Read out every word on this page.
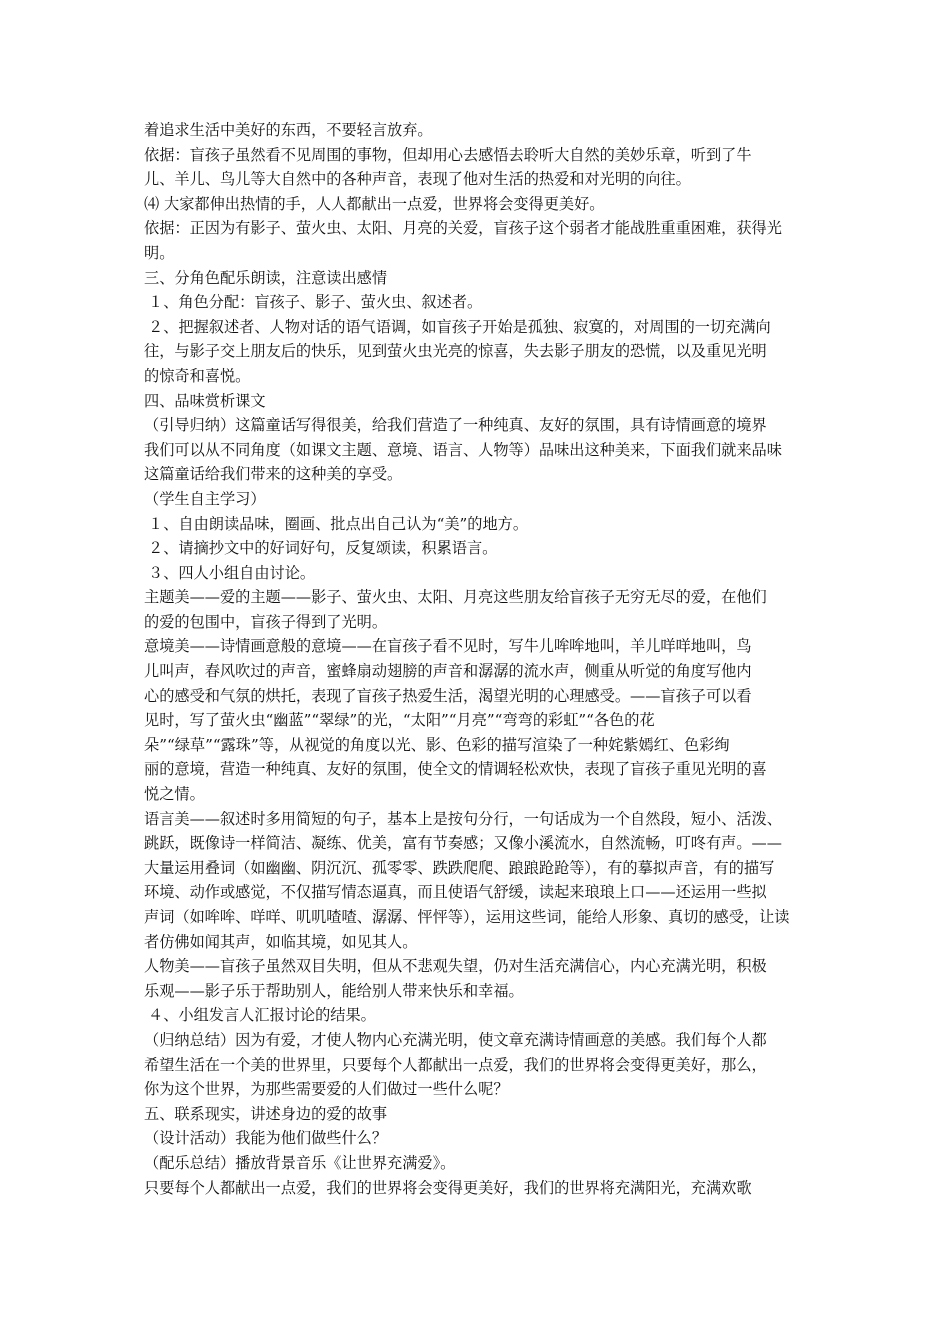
着追求生活中美好的东西，不要轻言放弃。
依据：盲孩子虽然看不见周围的事物，但却用心去感悟去聆听大自然的美妙乐章，听到了牛
儿、羊儿、鸟儿等大自然中的各种声音，表现了他对生活的热爱和对光明的向往。
⑷ 大家都伸出热情的手，人人都献出一点爱，世界将会变得更美好。
依据：正因为有影子、萤火虫、太阳、月亮的关爱，盲孩子这个弱者才能战胜重重困难，获得光
明。
三、分角色配乐朗读，注意读出感情
１、角色分配：盲孩子、影子、萤火虫、叙述者。
２、把握叙述者、人物对话的语气语调，如盲孩子开始是孤独、寂寞的，对周围的一切充满向
往，与影子交上朋友后的快乐，见到萤火虫光亮的惊喜，失去影子朋友的恐慌，以及重见光明
的惊奇和喜悦。
四、品味赏析课文
（引导归纳）这篇童话写得很美，给我们营造了一种纯真、友好的氛围，具有诗情画意的境界
我们可以从不同角度（如课文主题、意境、语言、人物等）品味出这种美来，下面我们就来品味
这篇童话给我们带来的这种美的享受。
（学生自主学习）
１、自由朗读品味，圈画、批点出自己认为“美”的地方。
２、请摘抄文中的好词好句，反复颂读，积累语言。
３、四人小组自由讨论。
主题美——爱的主题——影子、萤火虫、太阳、月亮这些朋友给盲孩子无穷无尽的爱，在他们
的爱的包围中，盲孩子得到了光明。
意境美——诗情画意般的意境——在盲孩子看不见时，写牛儿哞哞地叫，羊儿咩咩地叫，鸟
儿叫声，春风吹过的声音，蜜蜂扇动翅膀的声音和潺潺的流水声，侧重从听觉的角度写他内
心的感受和气氛的烘托，表现了盲孩子热爱生活，渴望光明的心理感受。——盲孩子可以看
见时，写了萤火虫“幽蓝”“翠绿”的光，“太阳”“月亮”“弯弯的彩虹”“各色的花
朵”“绿草”“露珠”等，从视觉的角度以光、影、色彩的描写渲染了一种姹紫嫣红、色彩绚
丽的意境，营造一种纯真、友好的氛围，使全文的情调轻松欢快，表现了盲孩子重见光明的喜
悦之情。
语言美——叙述时多用简短的句子，基本上是按句分行，一句话成为一个自然段，短小、活泼、
跳跃，既像诗一样简洁、凝练、优美，富有节奏感；又像小溪流水，自然流畅，叮咚有声。——
大量运用叠词（如幽幽、阴沉沉、孤零零、跌跌爬爬、踉踉跄跄等），有的摹拟声音，有的描写
环境、动作或感觉，不仅描写情态逼真，而且使语气舒缓，读起来琅琅上口——还运用一些拟
声词（如哞哞、咩咩、叽叽喳喳、潺潺、怦怦等），运用这些词，能给人形象、真切的感受，让读
者仿佛如闻其声，如临其境，如见其人。
人物美——盲孩子虽然双目失明，但从不悲观失望，仍对生活充满信心，内心充满光明，积极
乐观——影子乐于帮助别人，能给别人带来快乐和幸福。
４、小组发言人汇报讨论的结果。
（归纳总结）因为有爱，才使人物内心充满光明，使文章充满诗情画意的美感。我们每个人都
希望生活在一个美的世界里，只要每个人都献出一点爱，我们的世界将会变得更美好，那么，
你为这个世界，为那些需要爱的人们做过一些什么呢？
五、联系现实，讲述身边的爱的故事
（设计活动）我能为他们做些什么？
（配乐总结）播放背景音乐《让世界充满爱》。
只要每个人都献出一点爱，我们的世界将会变得更美好，我们的世界将充满阳光，充满欢歌
